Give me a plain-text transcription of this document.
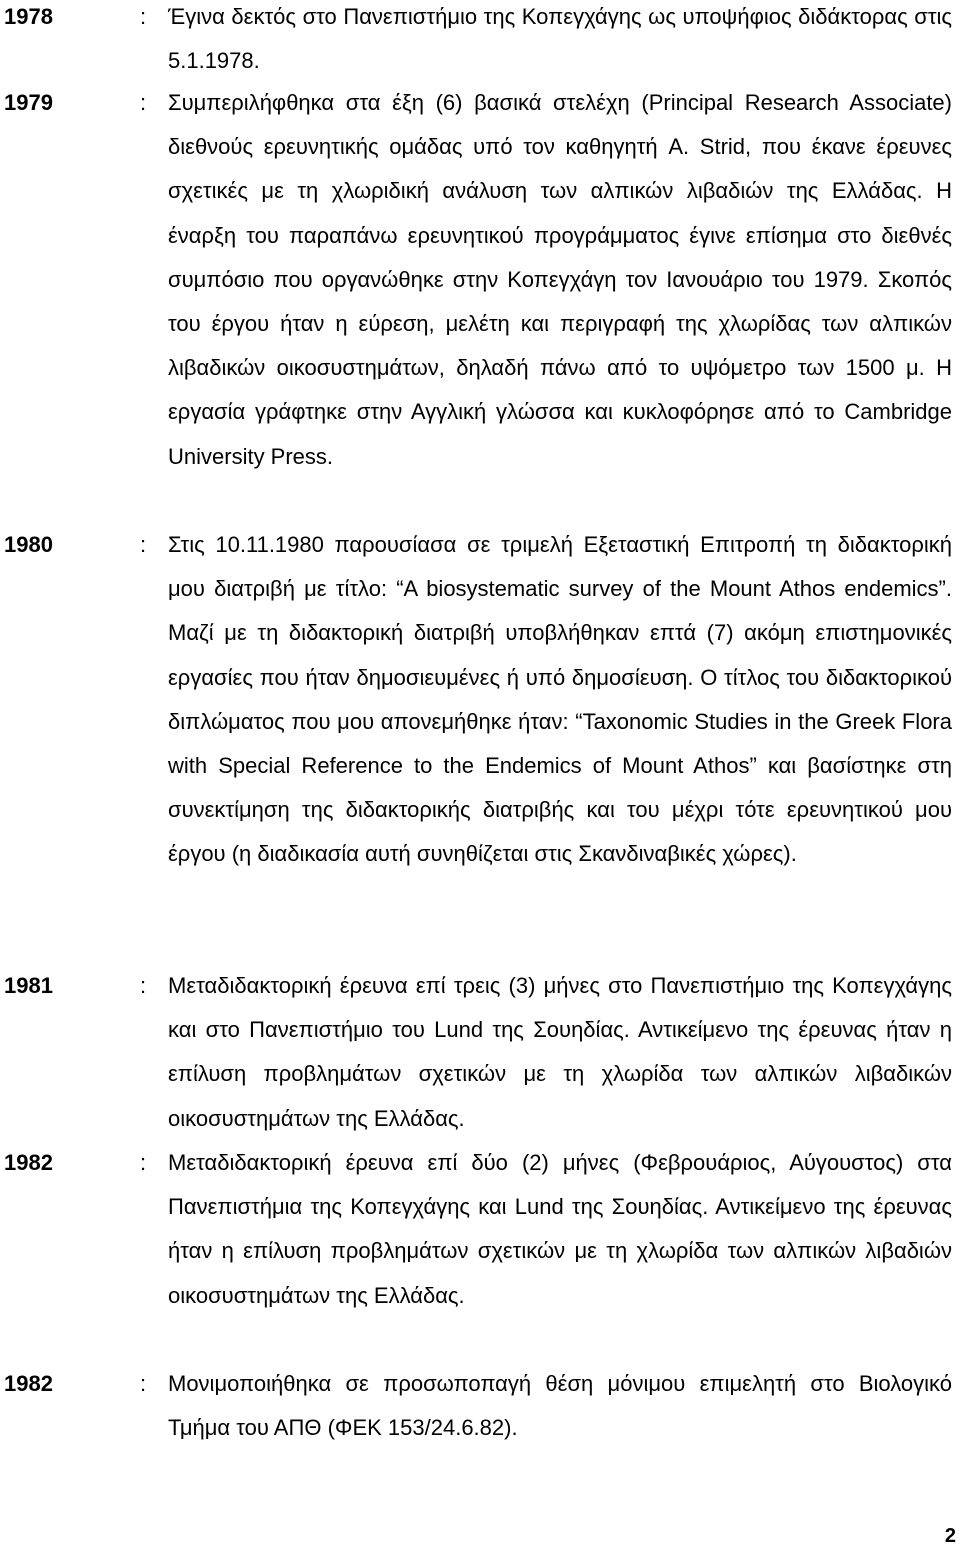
1978	: Έγινα δεκτός στο Πανεπιστήμιο της Κοπεγχάγης ως υποψήφιος διδάκτορας στις 5.1.1978.

1979	: Συμπεριλήφθηκα στα έξη (6) βασικά στελέχη (Principal Research Associate) διεθνούς ερευνητικής ομάδας υπό τον καθηγητή A. Strid, που έκανε έρευνες σχετικές με τη χλωριδική ανάλυση των αλπικών λιβαδιών της Ελλάδας. Η έναρξη του παραπάνω ερευνητικού προγράμματος έγινε επίσημα στο διεθνές συμπόσιο που οργανώθηκε στην Κοπεγχάγη τον Ιανουάριο του 1979. Σκοπός του έργου ήταν η εύρεση, μελέτη και περιγραφή της χλωρίδας των αλπικών λιβαδικών οικοσυστημάτων, δηλαδή πάνω από το υψόμετρο των 1500 μ. Η εργασία γράφτηκε στην Αγγλική γλώσσα και κυκλοφόρησε από το Cambridge University Press.

1980	: Στις 10.11.1980 παρουσίασα σε τριμελή Εξεταστική Επιτροπή τη διδακτορική μου διατριβή με τίτλο: “A biosystematic survey of the Mount Athos endemics”. Μαζί με τη διδακτορική διατριβή υποβλήθηκαν επτά (7) ακόμη επιστημονικές εργασίες που ήταν δημοσιευμένες ή υπό δημοσίευση. Ο τίτλος του διδακτορικού διπλώματος που μου απονεμήθηκε ήταν: “Taxonomic Studies in the Greek Flora with Special Reference to the Endemics of Mount Athos” και βασίστηκε στη συνεκτίμηση της διδακτορικής διατριβής και του μέχρι τότε ερευνητικού μου έργου (η διαδικασία αυτή συνηθίζεται στις Σκανδιναβικές χώρες).

1981	: Μεταδιδακτορική έρευνα επί τρεις (3) μήνες στο Πανεπιστήμιο της Κοπεγχάγης και στο Πανεπιστήμιο του Lund της Σουηδίας. Αντικείμενο της έρευνας ήταν η επίλυση προβλημάτων σχετικών με τη χλωρίδα των αλπικών λιβαδικών οικοσυστημάτων της Ελλάδας.

1982	: Μεταδιδακτορική έρευνα επί δύο (2) μήνες (Φεβρουάριος, Αύγουστος) στα Πανεπιστήμια της Κοπεγχάγης και Lund της Σουηδίας. Αντικείμενο της έρευνας ήταν η επίλυση προβλημάτων σχετικών με τη χλωρίδα των αλπικών λιβαδιών οικοσυστημάτων της Ελλάδας.

1982	: Μονιμοποιήθηκα σε προσωποπαγή θέση μόνιμου επιμελητή στο Βιολογικό Τμήμα του ΑΠΘ (ΦΕΚ 153/24.6.82).

2
